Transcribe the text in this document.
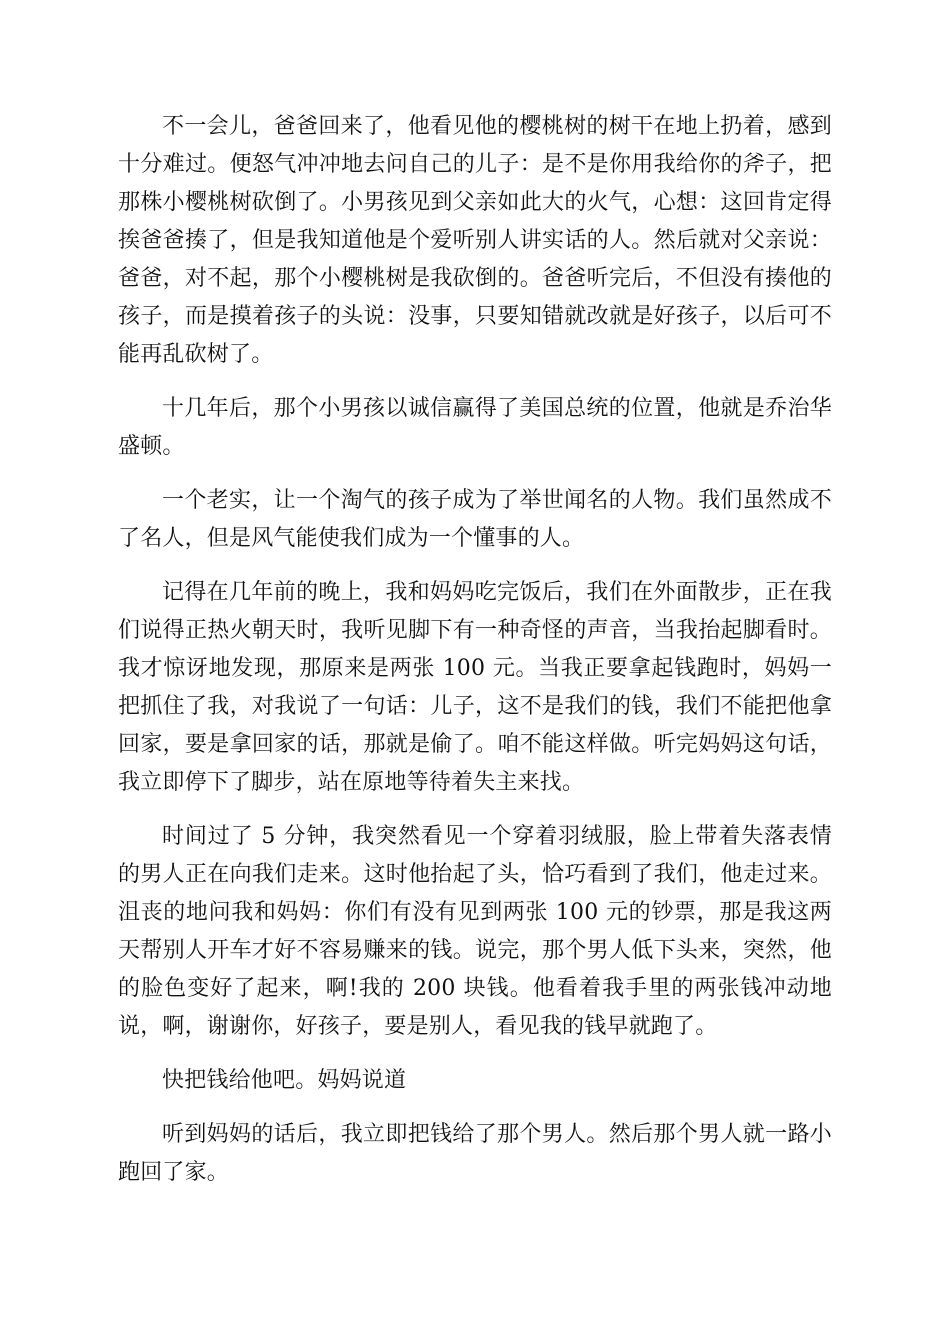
不一会儿，爸爸回来了，他看见他的樱桃树的树干在地上扔着，感到十分难过。便怒气冲冲地去问自己的儿子：是不是你用我给你的斧子，把那株小樱桃树砍倒了。小男孩见到父亲如此大的火气，心想：这回肯定得挨爸爸揍了，但是我知道他是个爱听别人讲实话的人。然后就对父亲说：爸爸，对不起，那个小樱桃树是我砍倒的。爸爸听完后，不但没有揍他的孩子，而是摸着孩子的头说：没事，只要知错就改就是好孩子，以后可不能再乱砍树了。

十几年后，那个小男孩以诚信赢得了美国总统的位置，他就是乔治华盛顿。

一个老实，让一个淘气的孩子成为了举世闻名的人物。我们虽然成不了名人，但是风气能使我们成为一个懂事的人。

记得在几年前的晚上，我和妈妈吃完饭后，我们在外面散步，正在我们说得正热火朝天时，我听见脚下有一种奇怪的声音，当我抬起脚看时。我才惊讶地发现，那原来是两张 100 元。当我正要拿起钱跑时，妈妈一把抓住了我，对我说了一句话：儿子，这不是我们的钱，我们不能把他拿回家，要是拿回家的话，那就是偷了。咱不能这样做。听完妈妈这句话，我立即停下了脚步，站在原地等待着失主来找。

时间过了 5 分钟，我突然看见一个穿着羽绒服，脸上带着失落表情的男人正在向我们走来。这时他抬起了头，恰巧看到了我们，他走过来。沮丧的地问我和妈妈：你们有没有见到两张 100 元的钞票，那是我这两天帮别人开车才好不容易赚来的钱。说完，那个男人低下头来，突然，他的脸色变好了起来，啊!我的 200 块钱。他看着我手里的两张钱冲动地说，啊，谢谢你，好孩子，要是别人，看见我的钱早就跑了。

快把钱给他吧。妈妈说道

听到妈妈的话后，我立即把钱给了那个男人。然后那个男人就一路小跑回了家。
